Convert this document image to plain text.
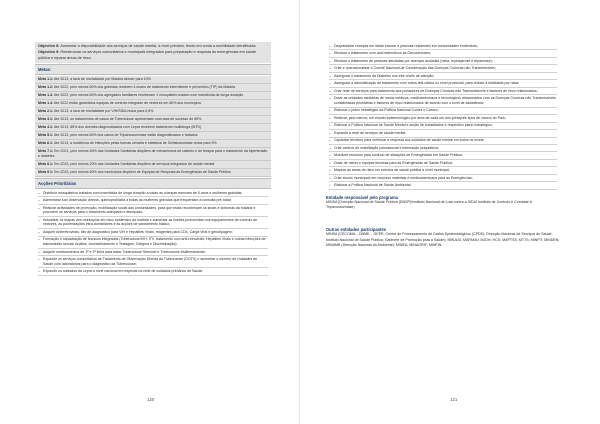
Objectivo 8: Aumentar a disponibilidade dos serviços de saúde mental, a nível primário, tendo em conta a morbilidade identificada.

Objectivo 9: Reestruturar os serviços comunitários e municipais integrados para preparação e resposta às emergências em saúde pública e reparar áreas de risco.

Metas:
Meta 1.1: Até 2013, a taxa de mortalidade por Malária descer para 10%
Meta 1.2: Até 2022, pelo menos 50% dos grávidas recebem 4 doses de tratamento intermitente e preventivo (TIP) da Malária
Meta 1.3: Até 2022, pelo menos 80% dos agregados familiares receberam 1 mosquiteiro tratado com insecticida de longa duração
Meta 1.4: Até 2022 estão garantidos equipas de controlo integrado de vectores em 80% dos municípios
Meta 2.1: Até 2013, a taxa de mortalidade por VIH/SIDA reduz para 0,6%
Meta 3.1: Até 2013, os tratamentos de casos de Tuberculose apresentam uma taxa de sucesso de 85%
Meta 4.1: Até 2013, 85% dos doentes diagnosticados com Lepra recebem tratamento multidroga (MTD)
Meta 5.1: Até 2013, pelo menos 80% dos casos de Tripanossomíase estão diagnosticados e tratados
Meta 6.1: Até 2013, a incidência de infecções pelas formas urinária e intestinal de Schistosomiase reduz para 9%
Meta 7.1: Em 2021, pelo menos 50% das Unidades Sanitárias dispõem de mecanismos de rastreio e de terapia para o tratamento da hipertensão e diabetes
Meta 8.1: Em 2013, pelo menos 20% das Unidades Sanitárias dispõem de serviços integrados de saúde mental
Meta 9.1: Em 2013, pelo menos 60% dos municípios dispõem de Equipas de Resposta às Emergências de Saúde Pública
Acções Prioritárias
– Distribuir mosquiteiros tratados com insecticida de longa duração a todas as crianças menores de 5 anos e mulheres grávidas;
– Administrar sob observação directa, quimioprofilaxia a todas as mulheres grávidas que frequentam a consulta pré-natal;
– Realizar actividades de promoção, mobilização social das comunidades, para que estas reconheçam os sinais e sintomas da malária e procurem os serviços para o tratamento adequado e atempado;
– Actualizar os mapas dos municípios em risco epidémico da malária e aumentar as ilusões promovidas nos equipamentos de controlo de vectores, as pulverizações intra-domiciliares e as acções de saneamento básico;
– Adquirir Antirretrovirais, kits de diagnóstico para VIH e Hepatites Virais, reagentes para CD4, Carga Viral e genotipagem;
– Formação e capacitação de técnicos integrados (Tuberculose/VIH, ITV, tratamento com anti-retrovirais; Hepatites Virais e outras infecções de transmissão sexual; Análise, Aconselhamento e Testagem, Estigma e Discriminação);
– Adquirir medicamentos de 1ª e 2ª linha para tratar Tuberculose Sensível e Tuberculose Multirresistente;
– Expandir os serviços comunitários de Tratamento de Observação Directa da Tuberculose (DOTS) e aumentar o número de Unidades de Saúde com laboratórios para o diagnóstico da Tuberculose;
– Expandir os cuidados da Lepra a nível nacional em especial na rede de cuidados primários de Saúde.
120
– Desparasitar crianças em idade escolar e pessoas residentes em comunidades endémicas;
– Efectuar o tratamento com anti-helmínticos às Oncocercoses;
– Efectuar o tratamento de pessoas afectadas por doenças azuladas (raiva, leptospirose e tripanosse);
– Criar e operacionalizar o Comité Nacional de Coordenação das Doenças Crónicas não Transmissíveis;
– Assegurar o tratamento da Diabetes nos três níveis de atenção;
– Assegurar a administração de tratamento com rotina anti-rábica no nível provincial, para reduzir a letalidade por raiva;
– Criar rede de serviços para tratamento aos portadores de Doenças Crónicas não Transmissíveis e factores de risco relacionados;
– Dotar as unidades sanitárias de meios médicos, medicamentosos e tecnológicos relacionados com as Doenças Crónicas não Transmissíveis consideradas prioritárias e factores de risco relacionados de acordo com o nível de assistência;
– Elaborar o plano estratégico da Política Nacional Contra o Cancro;
– Realizar, pelo menos, um estudo epidemiológico por área de cada um dos principais tipos de cancro do País;
– Elaborar a Política Nacional de Saúde Mental e acção de subsidiados e respectivo plano estratégico;
– Expandir a rede de serviços de saúde mental;
– Capacitar técnicos para melhorar a resposta aos cuidados de saúde mental em todos os níveis;
– Criar centros de reabilitação psicossocial e internação psiquiátrica;
– Mobilizar recursos para controlo de situações de Emergências em Saúde Pública;
– Dotar de meios e equipas técnicas para as Emergências de Saúde Pública;
– Mapear as áreas de risco em eventos de saúde pública a nível municipal;
– Criar stocks municipais em recursos materiais e medicamentosos para as Emergências;
– Elaborar a Política Nacional de Saúde Ambiental.
Entidade responsável pelo programa
MINSA (Direcção Nacional de Saúde Pública (DNSP)/Instituto Nacional de Luta contra a SIDA/ Instituto de Controlo e Combate à Tripanossomíase)
Outras entidades participantes
MINSA (CECOMA – DNME – GEPE; Centro de Processamento de Dados Epidemiológicos (CPDE); Direcção Nacional de Serviços de Saúde; Instituto Nacional de Saúde Pública; Gabinete de Promoção para a Saúde); MINJUD; MAPAMU; MJDH; HCS; MAPTSS; MTTS; MINFIT; MINDEN; MINAMB (Direcção Nacional do Ambiente); MINEA; MINAGRIF; MINFIN.
121
